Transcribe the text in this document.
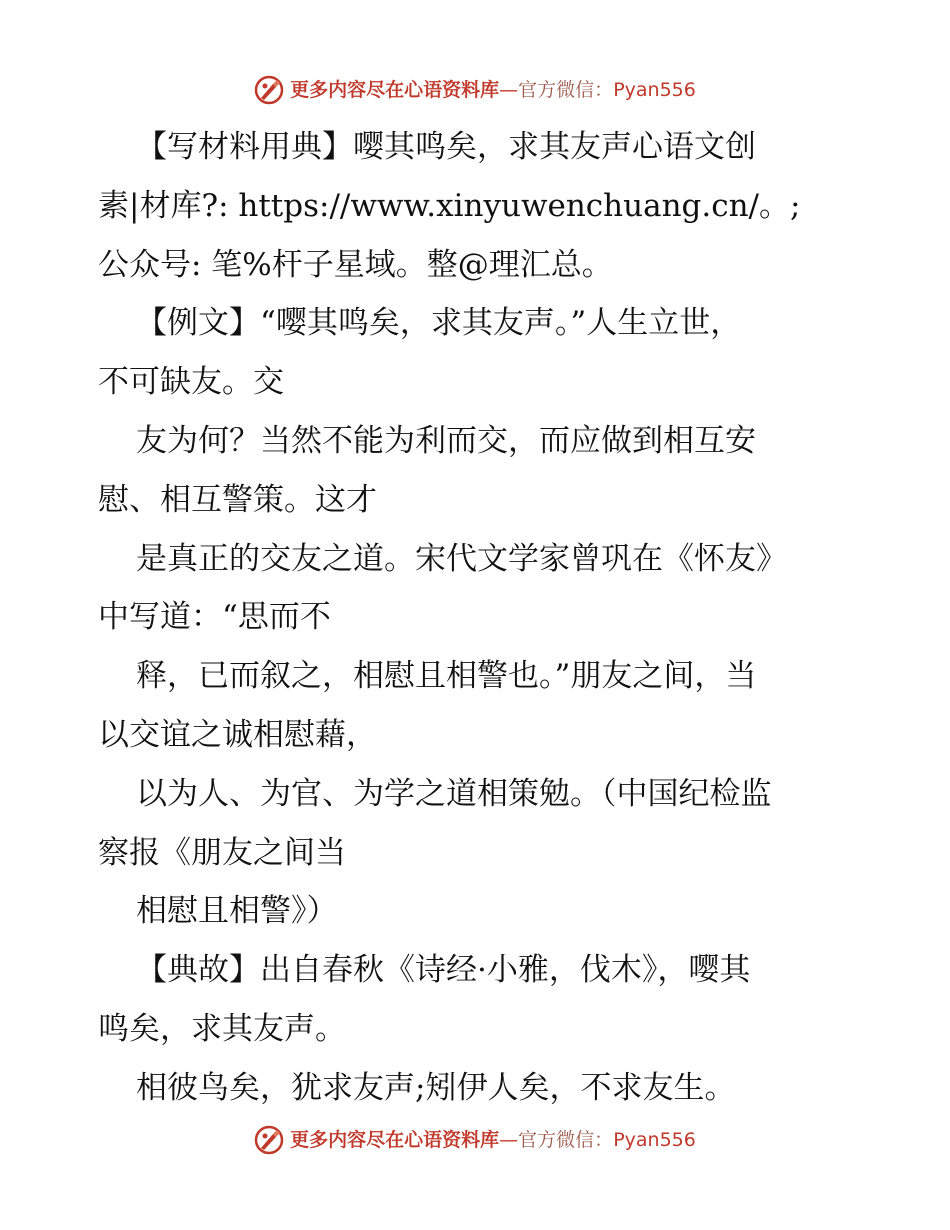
更多内容尽在心语资料库—官方微信：Pyan556

【写材料用典】嘤其鸣矣，求其友声心语文创
素|材库?: https://www.xinyuwenchuang.cn/。;
公众号: 笔%杆子星域。整@理汇总。

【例文】“嘤其鸣矣，求其友声。”人生立世，
不可缺友。交

友为何？当然不能为利而交，而应做到相互安
慰、相互警策。这才

是真正的交友之道。宋代文学家曾巩在《怀友》
中写道：“思而不

释，已而叙之，相慰且相警也。”朋友之间，当
以交谊之诚相慰藉，

以为人、为官、为学之道相策勉。（中国纪检监
察报《朋友之间当

相慰且相警》）

【典故】出自春秋《诗经·小雅，伐木》，嘤其
鸣矣，求其友声。

相彼鸟矣，犹求友声;矧伊人矣，不求友生。

更多内容尽在心语资料库—官方微信：Pyan556
